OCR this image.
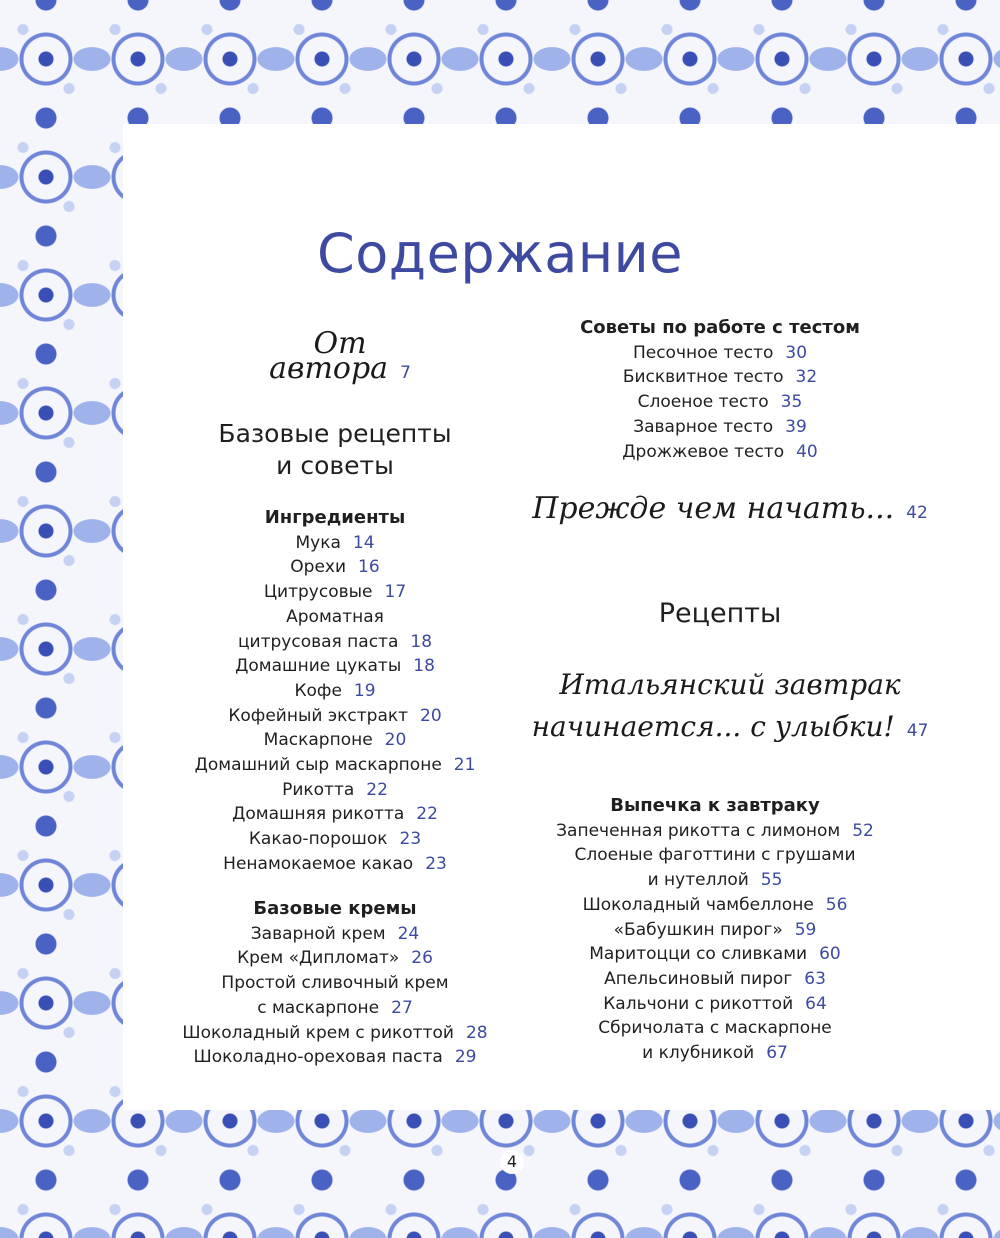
Содержание
От автора 7
Базовые рецепты
и советы
Ингредиенты
Мука 14
Орехи 16
Цитрусовые 17
Ароматная
цитрусовая паста 18
Домашние цукаты 18
Кофе 19
Кофейный экстракт 20
Маскарпоне 20
Домашний сыр маскарпоне 21
Рикотта 22
Домашняя рикотта 22
Какао-порошок 23
Ненамокаемое какао 23
Базовые кремы
Заварной крем 24
Крем «Дипломат» 26
Простой сливочный крем
с маскарпоне 27
Шоколадный крем с рикоттой 28
Шоколадно-ореховая паста 29
Советы по работе с тестом
Песочное тесто 30
Бисквитное тесто 32
Слоеное тесто 35
Заварное тесто 39
Дрожжевое тесто 40
Прежде чем начать... 42
Рецепты
Итальянский завтрак
начинается... с улыбки! 47
Выпечка к завтраку
Запеченная рикотта с лимоном 52
Слоеные фаготтини с грушами
и нутеллой 55
Шоколадный чамбеллоне 56
«Бабушкин пирог» 59
Маритоцци со сливками 60
Апельсиновый пирог 63
Кальчони с рикоттой 64
Сбричолата с маскарпоне
и клубникой 67
4
